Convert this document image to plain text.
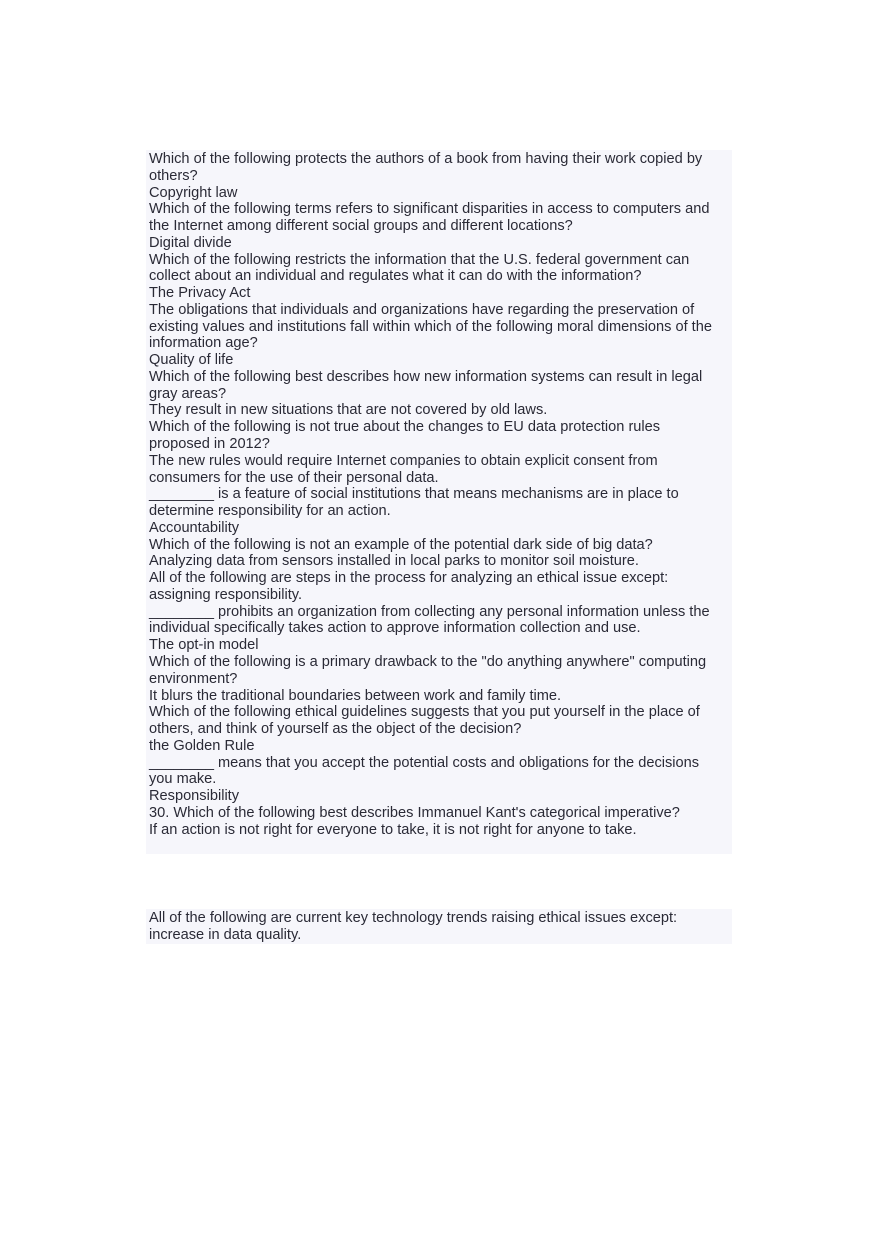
Which of the following protects the authors of a book from having their work copied by
others?
Copyright law
Which of the following terms refers to significant disparities in access to computers and
the Internet among different social groups and different locations?
Digital divide
Which of the following restricts the information that the U.S. federal government can
collect about an individual and regulates what it can do with the information?
The Privacy Act
The obligations that individuals and organizations have regarding the preservation of
existing values and institutions fall within which of the following moral dimensions of the
information age?
Quality of life
Which of the following best describes how new information systems can result in legal
gray areas?
They result in new situations that are not covered by old laws.
Which of the following is not true about the changes to EU data protection rules
proposed in 2012?
The new rules would require Internet companies to obtain explicit consent from
consumers for the use of their personal data.
________ is a feature of social institutions that means mechanisms are in place to
determine responsibility for an action.
Accountability
Which of the following is not an example of the potential dark side of big data?
Analyzing data from sensors installed in local parks to monitor soil moisture.
All of the following are steps in the process for analyzing an ethical issue except:
assigning responsibility.
________ prohibits an organization from collecting any personal information unless the
individual specifically takes action to approve information collection and use.
The opt-in model
Which of the following is a primary drawback to the "do anything anywhere" computing
environment?
It blurs the traditional boundaries between work and family time.
Which of the following ethical guidelines suggests that you put yourself in the place of
others, and think of yourself as the object of the decision?
the Golden Rule
________ means that you accept the potential costs and obligations for the decisions
you make.
Responsibility
30. Which of the following best describes Immanuel Kant's categorical imperative?
If an action is not right for everyone to take, it is not right for anyone to take.
All of the following are current key technology trends raising ethical issues except:
increase in data quality.
